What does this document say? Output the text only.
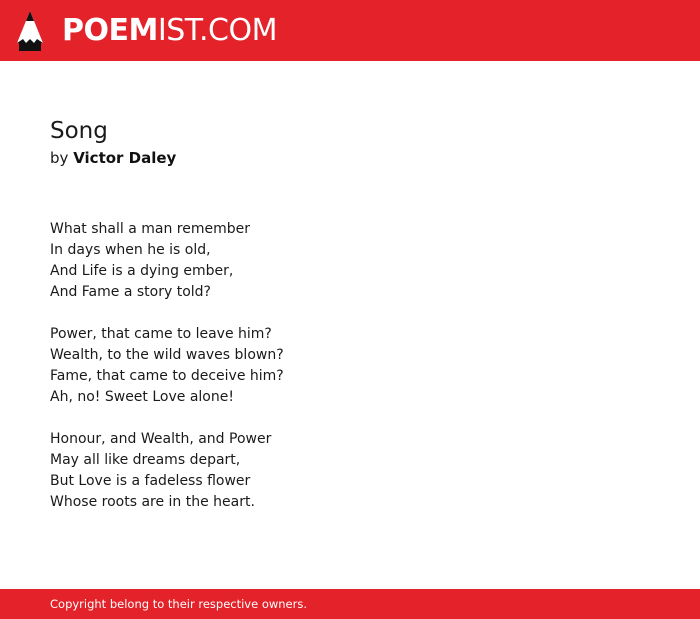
POEMIST.COM
Song
by Victor Daley
What shall a man remember
In days when he is old,
And Life is a dying ember,
And Fame a story told?
Power, that came to leave him?
Wealth, to the wild waves blown?
Fame, that came to deceive him?
Ah, no! Sweet Love alone!
Honour, and Wealth, and Power
May all like dreams depart,
But Love is a fadeless flower
Whose roots are in the heart.
Copyright belong to their respective owners.
